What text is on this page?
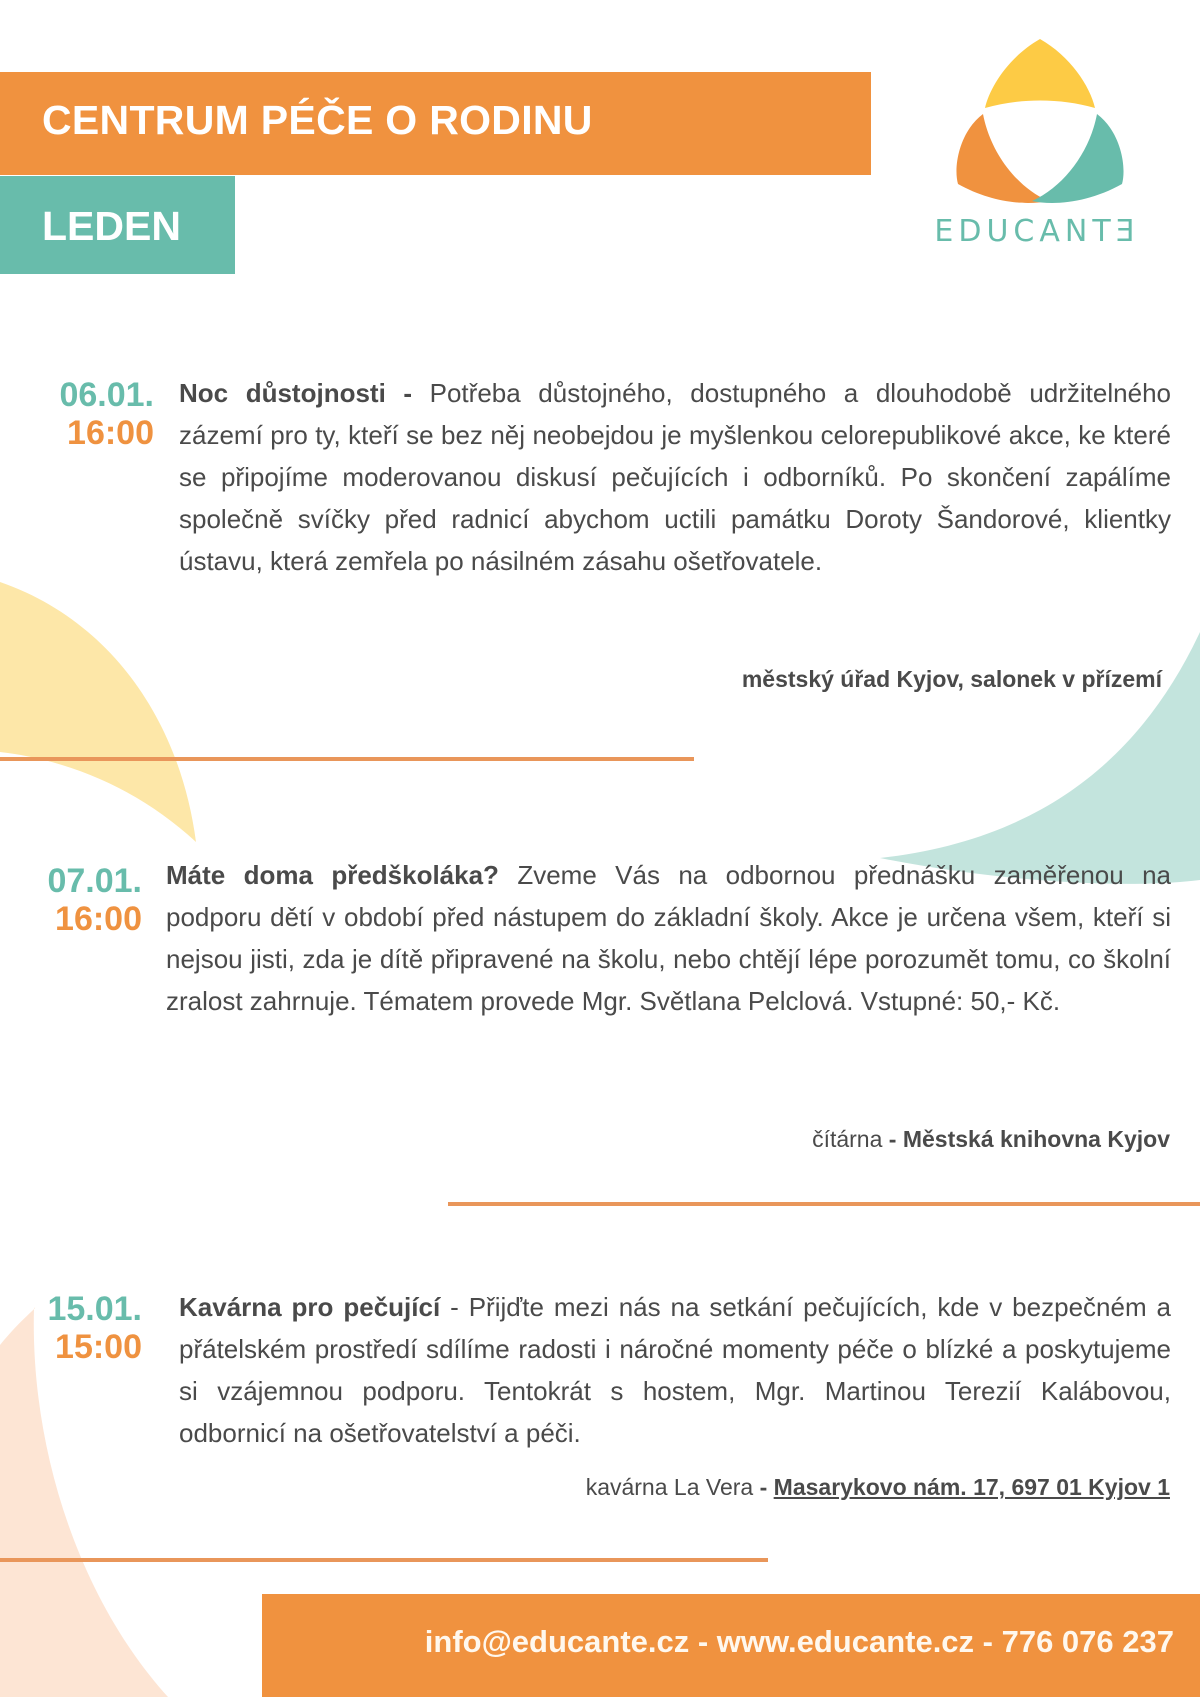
CENTRUM PÉČE O RODINU
LEDEN	EDUCANTƎ
06.01.
16:00
Noc důstojnosti - Potřeba důstojného, dostupného a dlouhodobě udržitelného zázemí pro ty, kteří se bez něj neobejdou je myšlenkou celorepublikové akce, ke které se připojíme moderovanou diskusí pečujících i odborníků. Po skončení zapálíme společně svíčky před radnicí abychom uctili památku Doroty Šandorové, klientky ústavu, která zemřela po násilném zásahu ošetřovatele.
městský úřad Kyjov, salonek v přízemí
07.01.
16:00
Máte doma předškoláka? Zveme Vás na odbornou přednášku zaměřenou na podporu dětí v období před nástupem do základní školy. Akce je určena všem, kteří si nejsou jisti, zda je dítě připravené na školu, nebo chtějí lépe porozumět tomu, co školní zralost zahrnuje. Tématem provede Mgr. Světlana Pelclová. Vstupné: 50,- Kč.
čítárna - Městská knihovna Kyjov
15.01.
15:00
Kavárna pro pečující - Přijďte mezi nás na setkání pečujících, kde v bezpečném a přátelském prostředí sdílíme radosti i náročné momenty péče o blízké a poskytujeme si vzájemnou podporu. Tentokrát s hostem, Mgr. Martinou Terezií Kalábovou, odbornicí na ošetřovatelství a péči.
kavárna La Vera - Masarykovo nám. 17, 697 01 Kyjov 1
info@educante.cz - www.educante.cz - 776 076 237
